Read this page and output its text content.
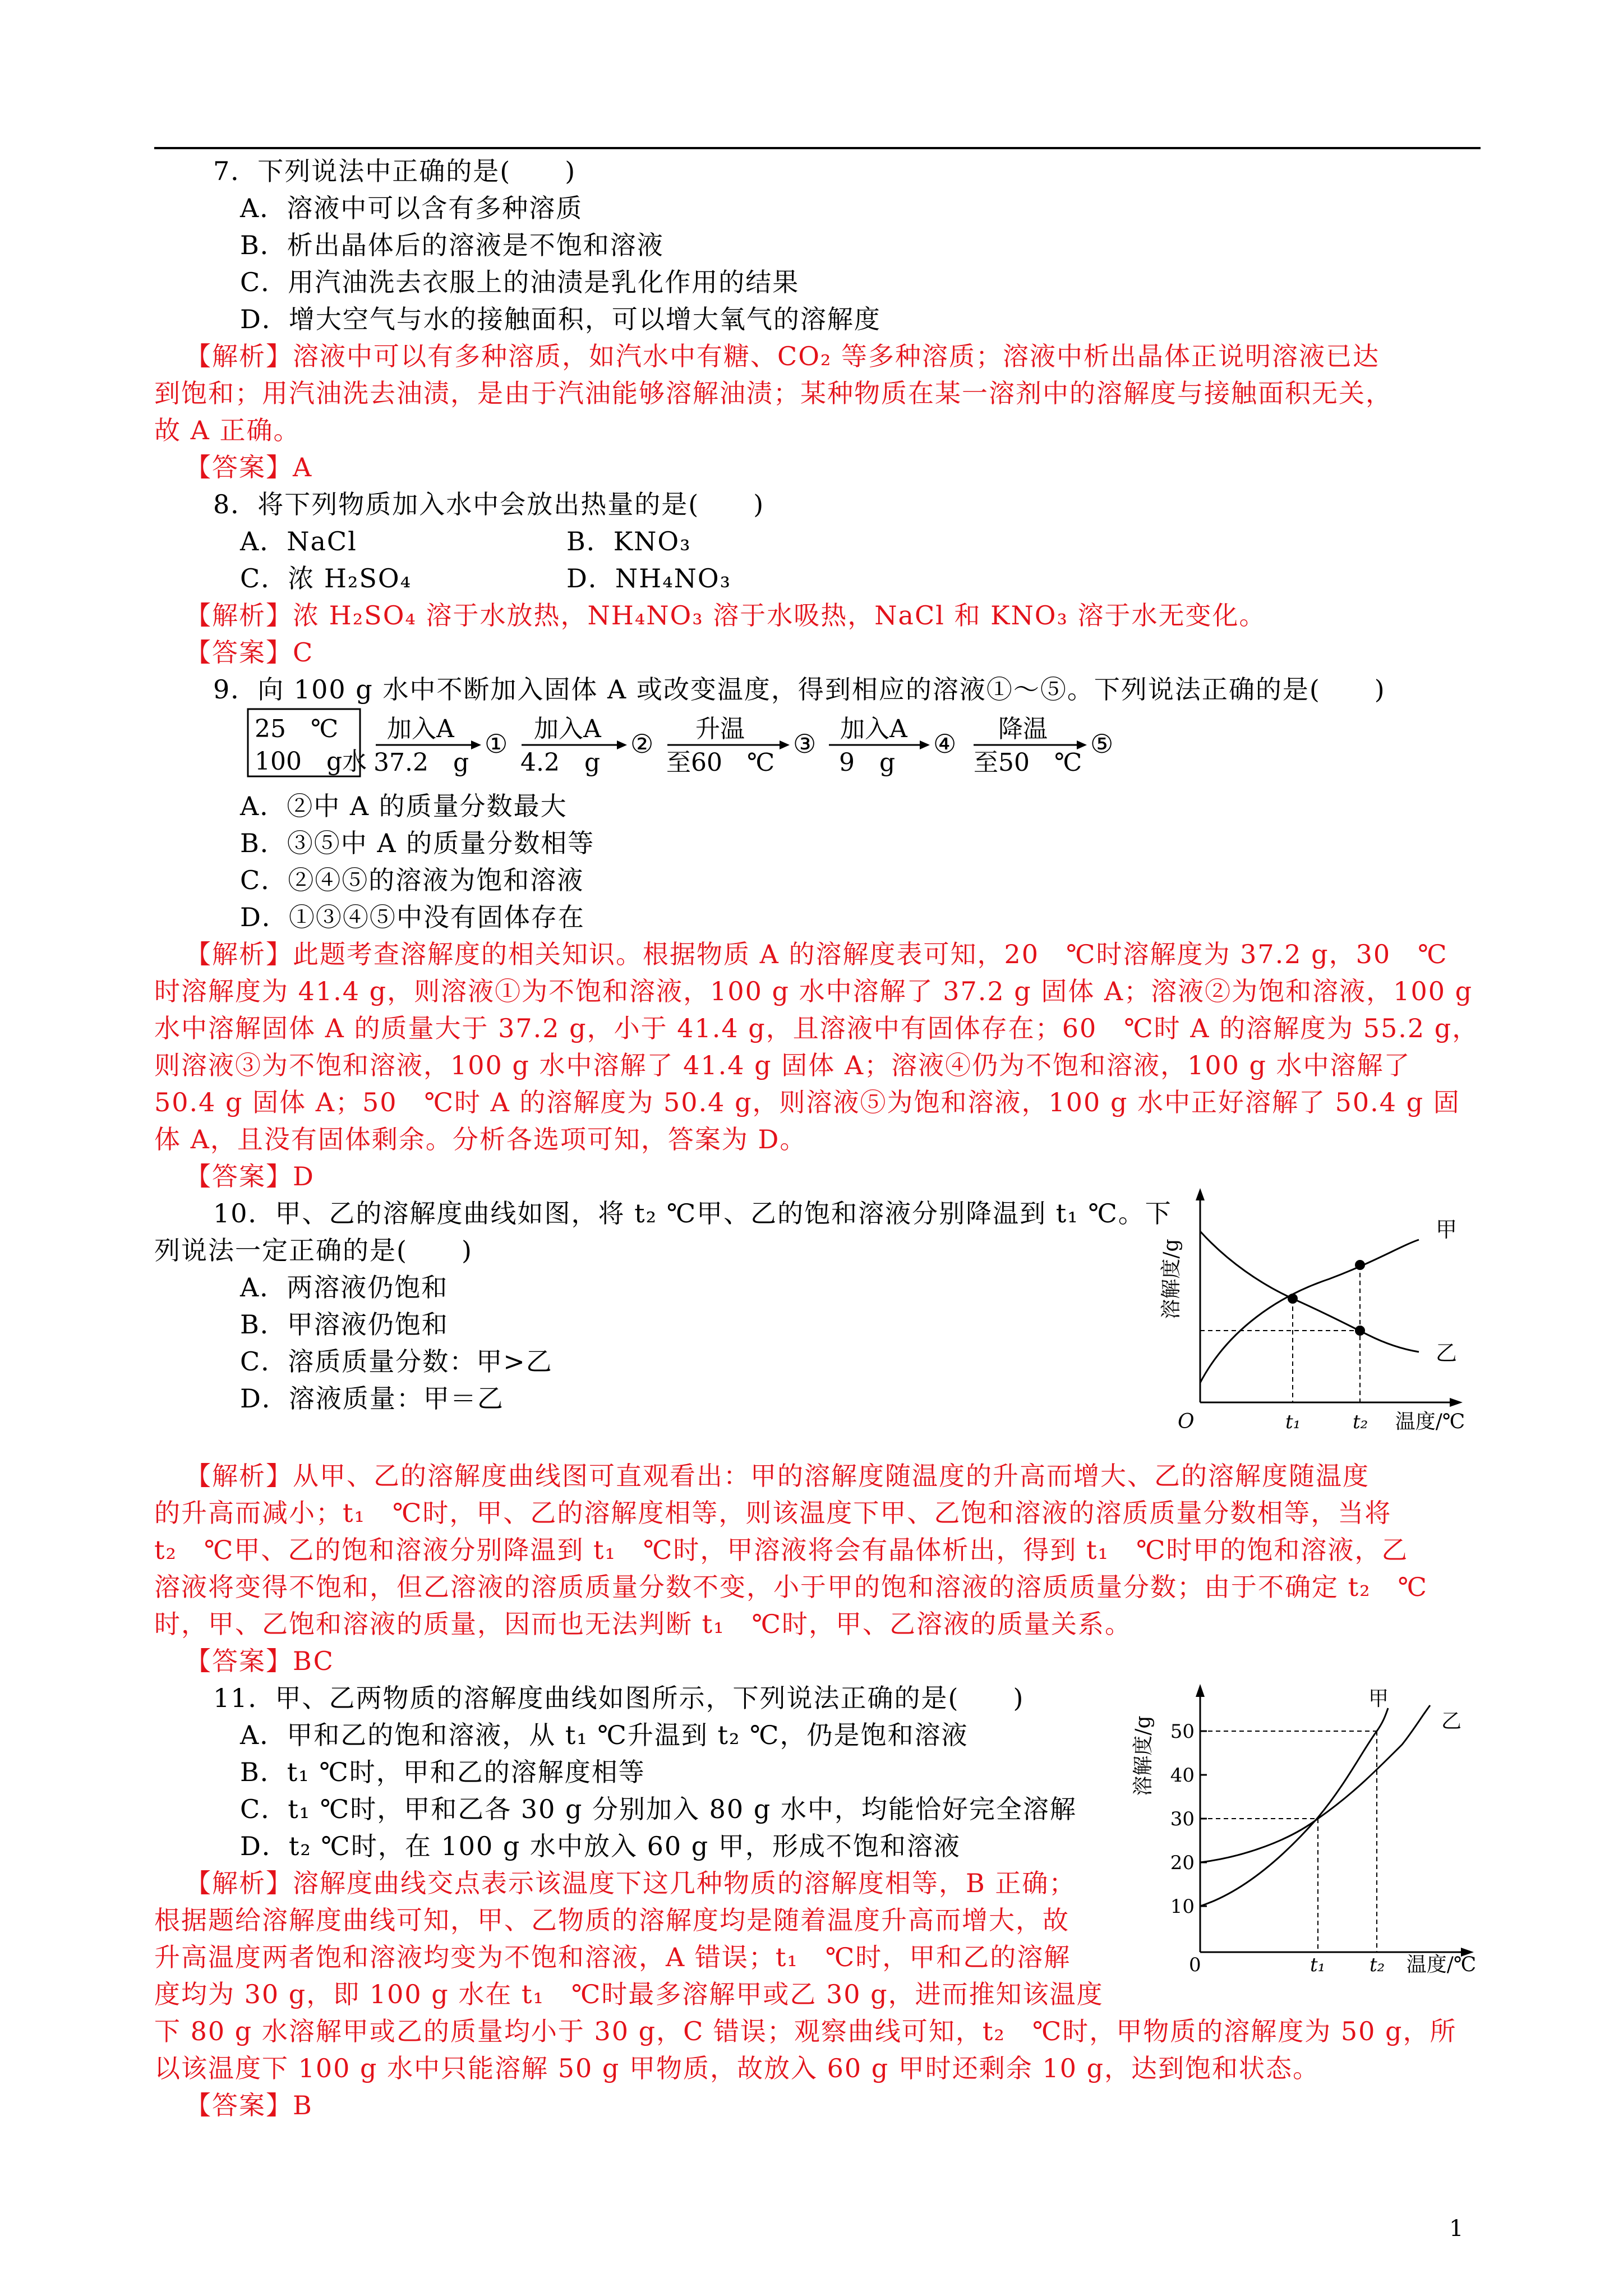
7．下列说法中正确的是(　　)
A．溶液中可以含有多种溶质
B．析出晶体后的溶液是不饱和溶液
C．用汽油洗去衣服上的油渍是乳化作用的结果
D．增大空气与水的接触面积，可以增大氧气的溶解度
【解析】溶液中可以有多种溶质，如汽水中有糖、CO₂ 等多种溶质；溶液中析出晶体正说明溶液已达
到饱和；用汽油洗去油渍，是由于汽油能够溶解油渍；某种物质在某一溶剂中的溶解度与接触面积无关，
故 A 正确。
【答案】A
8．将下列物质加入水中会放出热量的是(　　)
A．NaCl	B．KNO₃
C．浓 H₂SO₄	D．NH₄NO₃
【解析】浓 H₂SO₄ 溶于水放热，NH₄NO₃ 溶于水吸热，NaCl 和 KNO₃ 溶于水无变化。
【答案】C
9．向 100 g 水中不断加入固体 A 或改变温度，得到相应的溶液①～⑤。下列说法正确的是(　　)
25　℃
100　g水
加入A
37.2　g
① 加入A
4.2　g
② 升温
至60　℃
③ 加入A
9　g
④ 降温
至50　℃
⑤
A．②中 A 的质量分数最大
B．③⑤中 A 的质量分数相等
C．②④⑤的溶液为饱和溶液
D．①③④⑤中没有固体存在
【解析】此题考查溶解度的相关知识。根据物质 A 的溶解度表可知，20　℃时溶解度为 37.2 g，30　℃
时溶解度为 41.4 g，则溶液①为不饱和溶液，100 g 水中溶解了 37.2 g 固体 A；溶液②为饱和溶液，100 g
水中溶解固体 A 的质量大于 37.2 g，小于 41.4 g，且溶液中有固体存在；60　℃时 A 的溶解度为 55.2 g，
则溶液③为不饱和溶液，100 g 水中溶解了 41.4 g 固体 A；溶液④仍为不饱和溶液，100 g 水中溶解了
50.4 g 固体 A；50　℃时 A 的溶解度为 50.4 g，则溶液⑤为饱和溶液，100 g 水中正好溶解了 50.4 g 固
体 A，且没有固体剩余。分析各选项可知，答案为 D。
【答案】D
10．甲、乙的溶解度曲线如图，将 t₂ ℃甲、乙的饱和溶液分别降温到 t₁ ℃。下
列说法一定正确的是(　　)
A．两溶液仍饱和
B．甲溶液仍饱和
C．溶质质量分数：甲>乙
D．溶液质量：甲＝乙
溶解度/g
温度/℃
O
甲
乙
t₁	t₂
【解析】从甲、乙的溶解度曲线图可直观看出：甲的溶解度随温度的升高而增大、乙的溶解度随温度
的升高而减小；t₁　℃时，甲、乙的溶解度相等，则该温度下甲、乙饱和溶液的溶质质量分数相等，当将
t₂　℃甲、乙的饱和溶液分别降温到 t₁　℃时，甲溶液将会有晶体析出，得到 t₁　℃时甲的饱和溶液，乙
溶液将变得不饱和，但乙溶液的溶质质量分数不变，小于甲的饱和溶液的溶质质量分数；由于不确定 t₂　℃
时，甲、乙饱和溶液的质量，因而也无法判断 t₁　℃时，甲、乙溶液的质量关系。
【答案】BC
11．甲、乙两物质的溶解度曲线如图所示，下列说法正确的是(　　)
A．甲和乙的饱和溶液，从 t₁ ℃升温到 t₂ ℃，仍是饱和溶液
B．t₁ ℃时，甲和乙的溶解度相等
C．t₁ ℃时，甲和乙各 30 g 分别加入 80 g 水中，均能恰好完全溶解
D．t₂ ℃时，在 100 g 水中放入 60 g 甲，形成不饱和溶液
【解析】溶解度曲线交点表示该温度下这几种物质的溶解度相等，B 正确；
根据题给溶解度曲线可知，甲、乙物质的溶解度均是随着温度升高而增大，故
升高温度两者饱和溶液均变为不饱和溶液，A 错误；t₁　℃时，甲和乙的溶解
度均为 30 g，即 100 g 水在 t₁　℃时最多溶解甲或乙 30 g，进而推知该温度
下 80 g 水溶解甲或乙的质量均小于 30 g，C 错误；观察曲线可知，t₂　℃时，甲物质的溶解度为 50 g，所
以该温度下 100 g 水中只能溶解 50 g 甲物质，故放入 60 g 甲时还剩余 10 g，达到饱和状态。
【答案】B
溶解度/g
温度/℃
0
10
20
30
40
50
甲
乙
t₁ t₂
1
